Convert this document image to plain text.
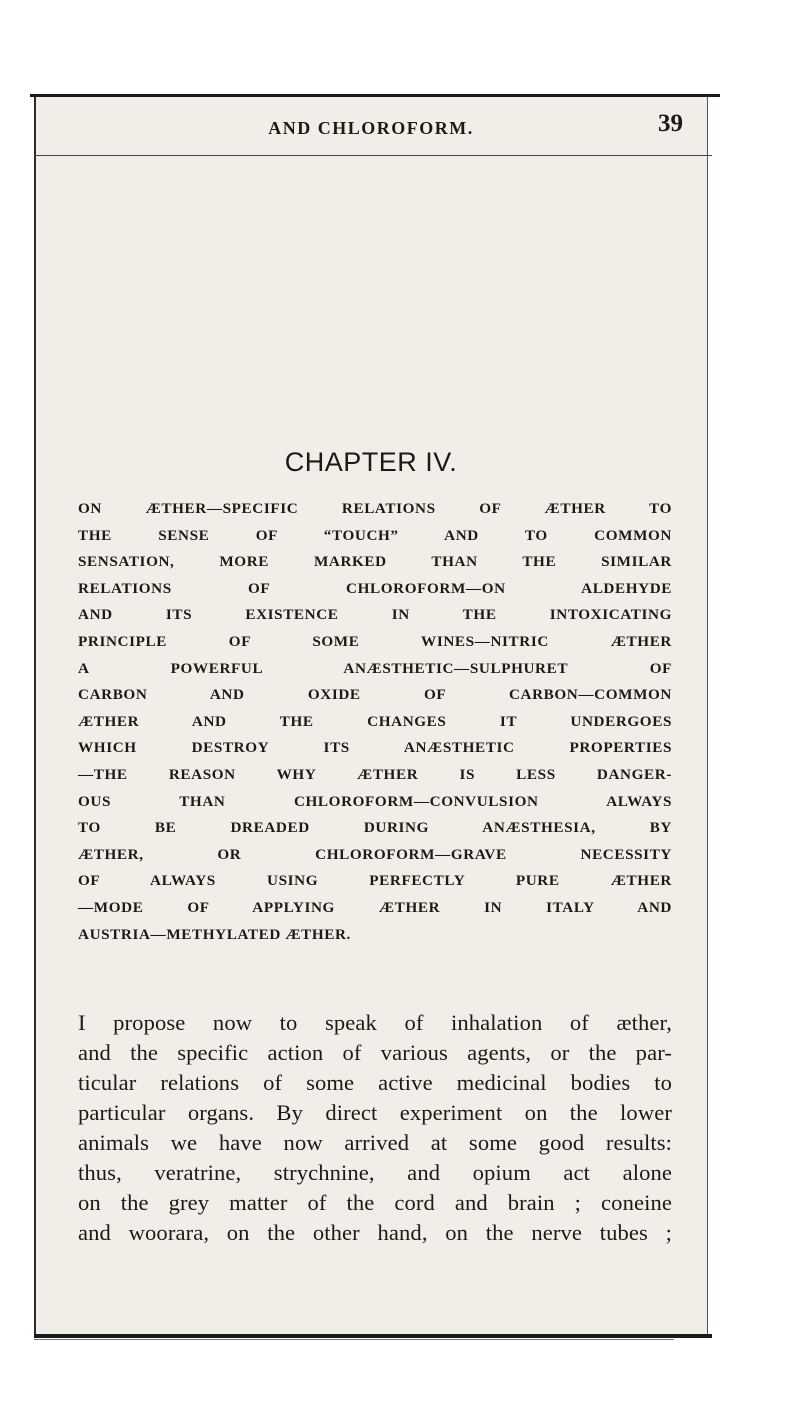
AND CHLOROFORM.	39
CHAPTER IV.
ON ÆTHER—SPECIFIC RELATIONS OF ÆTHER TO
THE SENSE OF “TOUCH” AND TO COMMON
SENSATION, MORE MARKED THAN THE SIMILAR
RELATIONS OF CHLOROFORM—ON ALDEHYDE
AND ITS EXISTENCE IN THE INTOXICATING
PRINCIPLE OF SOME WINES—NITRIC ÆTHER
A POWERFUL ANÆSTHETIC—SULPHURET OF
CARBON AND OXIDE OF CARBON—COMMON
ÆTHER AND THE CHANGES IT UNDERGOES
WHICH DESTROY ITS ANÆSTHETIC PROPERTIES
—THE REASON WHY ÆTHER IS LESS DANGER-
OUS THAN CHLOROFORM—CONVULSION ALWAYS
TO BE DREADED DURING ANÆSTHESIA, BY
ÆTHER, OR CHLOROFORM—GRAVE NECESSITY
OF ALWAYS USING PERFECTLY PURE ÆTHER
—MODE OF APPLYING ÆTHER IN ITALY AND
AUSTRIA—METHYLATED ÆTHER.
I propose now to speak of inhalation of æther,
and the specific action of various agents, or the par-
ticular relations of some active medicinal bodies to
particular organs. By direct experiment on the lower
animals we have now arrived at some good results:
thus, veratrine, strychnine, and opium act alone
on the grey matter of the cord and brain ; coneine
and woorara, on the other hand, on the nerve tubes ;
